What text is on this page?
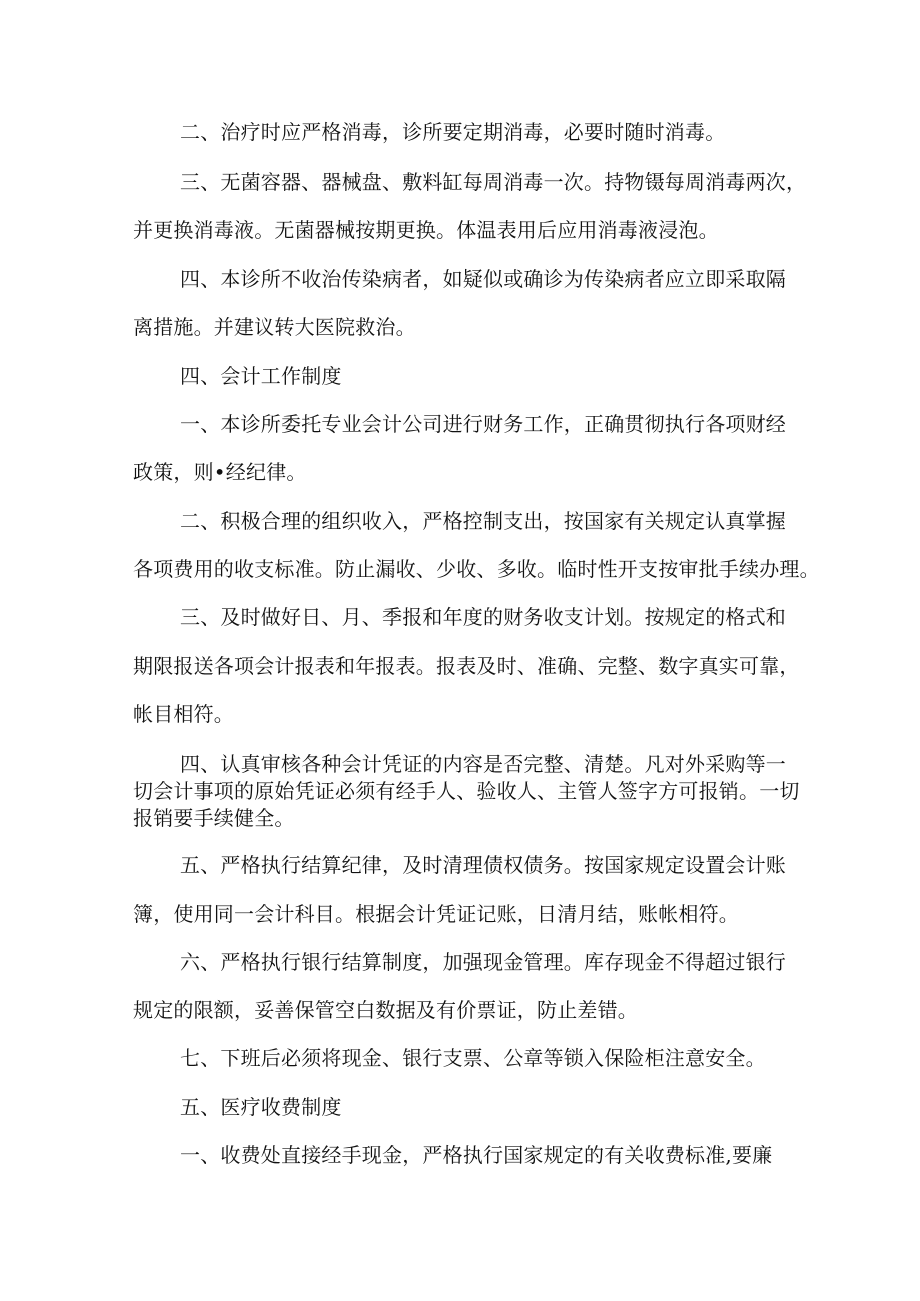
二、治疗时应严格消毒，诊所要定期消毒，必要时随时消毒。
三、无菌容器、器械盘、敷料缸每周消毒一次。持物镊每周消毒两次，
并更换消毒液。无菌器械按期更换。体温表用后应用消毒液浸泡。
四、本诊所不收治传染病者，如疑似或确诊为传染病者应立即采取隔
离措施。并建议转大医院救治。
四、会计工作制度
一、本诊所委托专业会计公司进行财务工作，正确贯彻执行各项财经
政策，则•经纪律。
二、积极合理的组织收入，严格控制支出，按国家有关规定认真掌握
各项费用的收支标准。防止漏收、少收、多收。临时性开支按审批手续办理。
三、及时做好日、月、季报和年度的财务收支计划。按规定的格式和
期限报送各项会计报表和年报表。报表及时、准确、完整、数字真实可靠，
帐目相符。
四、认真审核各种会计凭证的内容是否完整、清楚。凡对外采购等一
切会计事项的原始凭证必须有经手人、验收人、主管人签字方可报销。一切
报销要手续健全。
五、严格执行结算纪律，及时清理债权债务。按国家规定设置会计账
簿，使用同一会计科目。根据会计凭证记账，日清月结，账帐相符。
六、严格执行银行结算制度，加强现金管理。库存现金不得超过银行
规定的限额，妥善保管空白数据及有价票证，防止差错。
七、下班后必须将现金、银行支票、公章等锁入保险柜注意安全。
五、医疗收费制度
一、收费处直接经手现金，严格执行国家规定的有关收费标准,要廉
